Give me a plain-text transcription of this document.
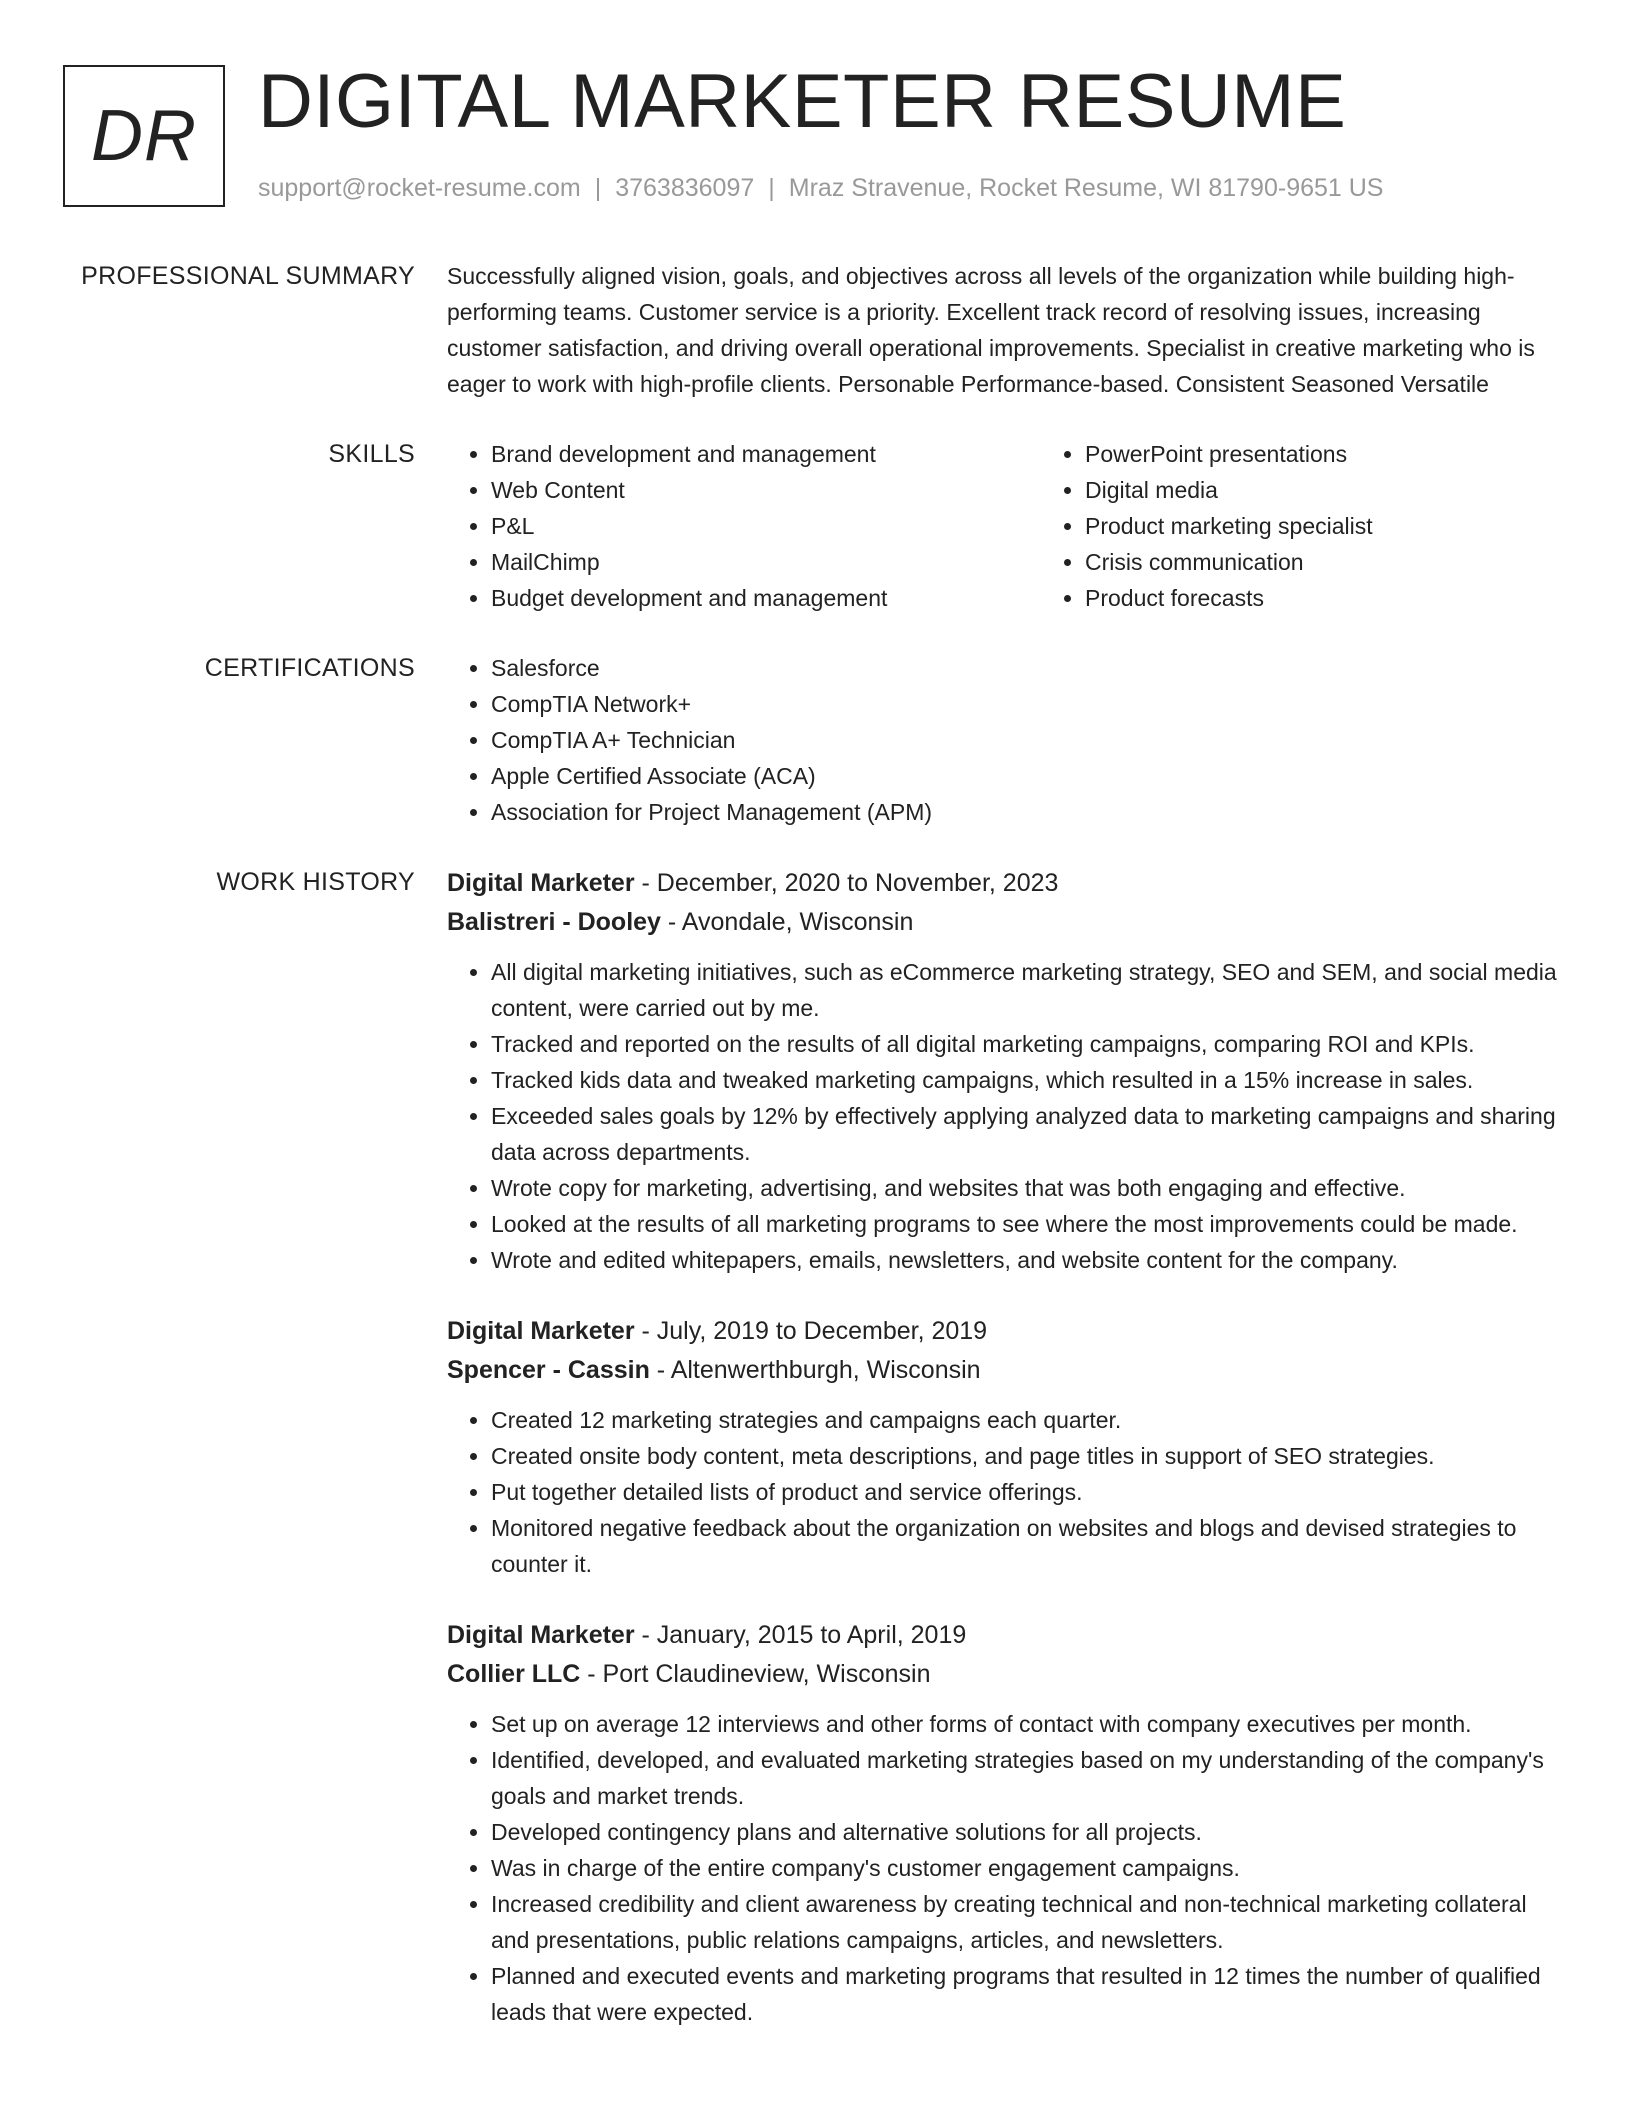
DR DIGITAL MARKETER RESUME
support@rocket-resume.com | 3763836097 | Mraz Stravenue, Rocket Resume, WI 81790-9651 US
PROFESSIONAL SUMMARY Successfully aligned vision, goals, and objectives across all levels of the organization while building high-performing teams. Customer service is a priority. Excellent track record of resolving issues, increasing customer satisfaction, and driving overall operational improvements. Specialist in creative marketing who is eager to work with high-profile clients. Personable Performance-based. Consistent Seasoned Versatile
SKILLS	• Brand development and management
• Web Content
• P&L
• MailChimp
• Budget development and management
• PowerPoint presentations
• Digital media
• Product marketing specialist
• Crisis communication
• Product forecasts
CERTIFICATIONS	• Salesforce
• CompTIA Network+
• CompTIA A+ Technician
• Apple Certified Associate (ACA)
• Association for Project Management (APM)
WORK HISTORY Digital Marketer - December, 2020 to November, 2023
Balistreri - Dooley - Avondale, Wisconsin
• All digital marketing initiatives, such as eCommerce marketing strategy, SEO and SEM, and social media content, were carried out by me.
• Tracked and reported on the results of all digital marketing campaigns, comparing ROI and KPIs.
• Tracked kids data and tweaked marketing campaigns, which resulted in a 15% increase in sales.
• Exceeded sales goals by 12% by effectively applying analyzed data to marketing campaigns and sharing data across departments.
• Wrote copy for marketing, advertising, and websites that was both engaging and effective.
• Looked at the results of all marketing programs to see where the most improvements could be made.
• Wrote and edited whitepapers, emails, newsletters, and website content for the company.
Digital Marketer - July, 2019 to December, 2019
Spencer - Cassin - Altenwerthburgh, Wisconsin
• Created 12 marketing strategies and campaigns each quarter.
• Created onsite body content, meta descriptions, and page titles in support of SEO strategies.
• Put together detailed lists of product and service offerings.
• Monitored negative feedback about the organization on websites and blogs and devised strategies to counter it.
Digital Marketer - January, 2015 to April, 2019
Collier LLC - Port Claudineview, Wisconsin
• Set up on average 12 interviews and other forms of contact with company executives per month.
• Identified, developed, and evaluated marketing strategies based on my understanding of the company's goals and market trends.
• Developed contingency plans and alternative solutions for all projects.
• Was in charge of the entire company's customer engagement campaigns.
• Increased credibility and client awareness by creating technical and non-technical marketing collateral and presentations, public relations campaigns, articles, and newsletters.
• Planned and executed events and marketing programs that resulted in 12 times the number of qualified leads that were expected.
